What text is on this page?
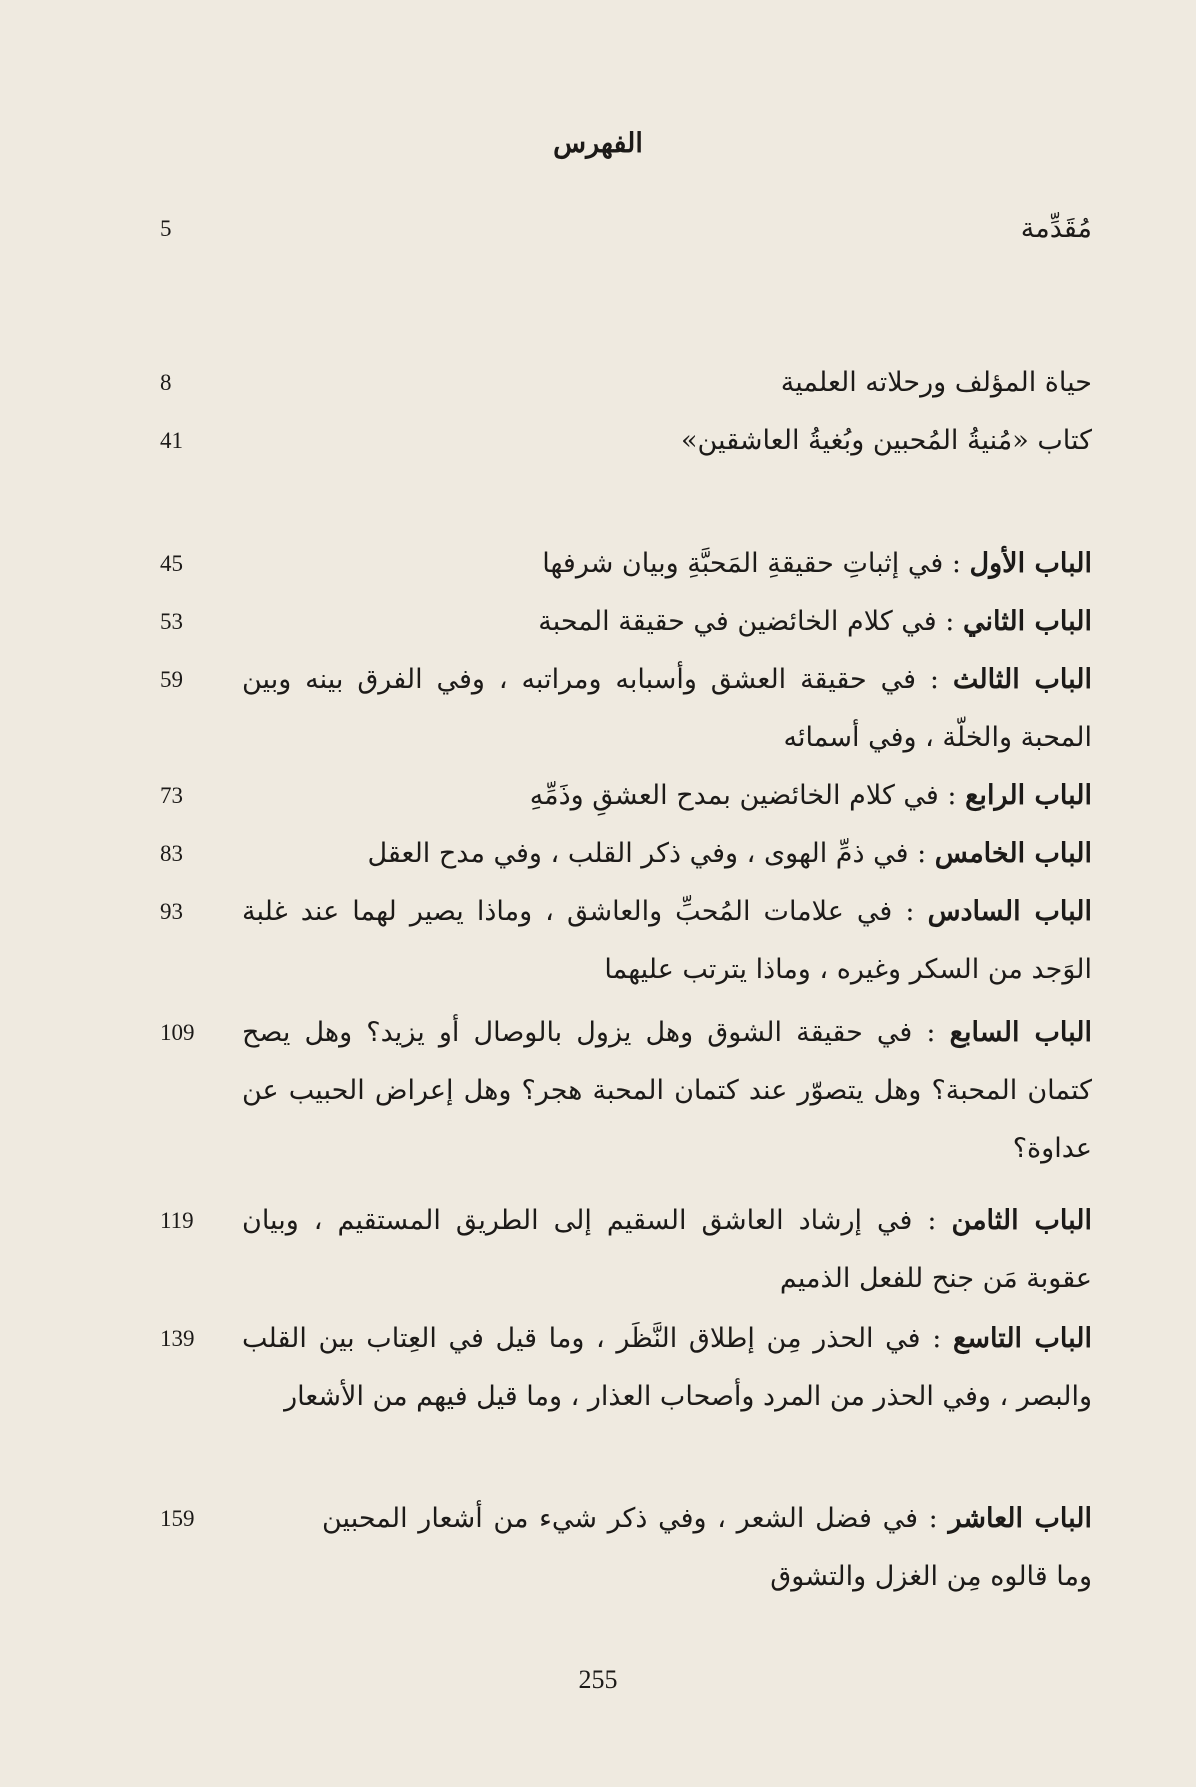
الفهرس
مُقَدِّمة
5
حياة المؤلف ورحلاته العلمية
8
كتاب «مُنيةُ المُحبين وبُغيةُ العاشقين»
41
الباب الأول : في إثباتِ حقيقةِ المَحبَّةِ وبيان شرفها
45
الباب الثاني : في كلام الخائضين في حقيقة المحبة
53
الباب الثالث : في حقيقة العشق وأسبابه ومراتبه ، وفي الفرق بينه وبين المحبة والخلّة ، وفي أسمائه
59
الباب الرابع : في كلام الخائضين بمدح العشقِ وذَمِّهِ
73
الباب الخامس : في ذمِّ الهوى ، وفي ذكر القلب ، وفي مدح العقل
83
الباب السادس : في علامات المُحبِّ والعاشق ، وماذا يصير لهما عند غلبة الوَجد من السكر وغيره ، وماذا يترتب عليهما
93
الباب السابع : في حقيقة الشوق وهل يزول بالوصال أو يزيد؟ وهل يصح كتمان المحبة؟ وهل يتصوّر عند كتمان المحبة هجر؟ وهل إعراض الحبيب عن عداوة؟
109
الباب الثامن : في إرشاد العاشق السقيم إلى الطريق المستقيم ، وبيان عقوبة مَن جنح للفعل الذميم
119
الباب التاسع : في الحذر مِن إطلاق النَّظَر ، وما قيل في العِتاب بين القلب والبصر ، وفي الحذر من المرد وأصحاب العذار ، وما قيل فيهم من الأشعار
139
الباب العاشر : في فضل الشعر ، وفي ذكر شيء من أشعار المحبين وما قالوه مِن الغزل والتشوق
159
255
